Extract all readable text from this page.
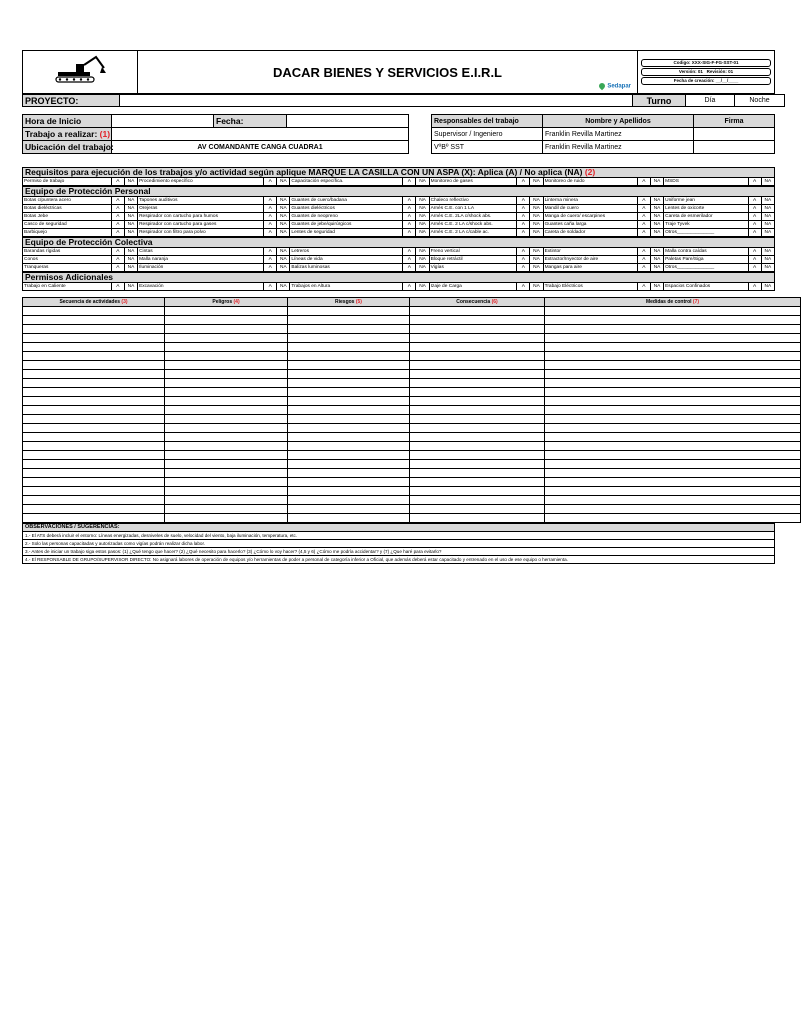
	DACAR BIENES Y SERVICIOS E.I.R.L
Sedapar

Codigo: XXX-SIG-F-FG-SST-01
Versión: 01 Revisión: 01
Fecha de creación: __/__/____
PROYECTO:		Turno	Día	Noche
Hora de Inicio		Fecha:	
Trabajo a realizar: (1)			
Ubicación del trabajo:	AV COMANDANTE CANGA CUADRA1		
Responsables del trabajo	Nombre y Apellidos	Firma
Supervisor / Ingeniero	Franklin Revilla Martinez	
VºBº SST	Franklin Revilla Martinez	
Requisitos para ejecución de los trabajos y/o actividad según aplique MARQUE LA CASILLA CON UN ASPA (X): Aplica (A) / No aplica (NA) (2)
Permiso de trabajo	A	NA	Procedimiento específico	A	NA	Capacitación específica.	A	NA	Monitoreo de gases	A	NA	Monitoreo de ruido	A	NA	MSDS	A	NA
Equipo de Protección Personal
Botas c/puntera acero	A	NA	Tapones auditivos	A	NA	Guantes de cuero/badana	A	NA	Chaleco reflectivo	A	NA	Linterna minera	A	NA	Uniforme jean	A	NA
Botas dieléctricas	A	NA	Orejeras	A	NA	Guantes dieléctricos	A	NA	Arnés C.E. con 1 LA	A	NA	Mandil de cuero	A	NA	Lentes de oxicorte	A	NA
Botas Jebe	A	NA	Respirador con cartucho para humos	A	NA	Guantes de neopreno	A	NA	Arnés C.E. 2LA c/shock abs.	A	NA	Manga de cuero/ escarpines	A	NA	Careta de esmerilador	A	NA
Casco de seguridad	A	NA	Respirador con cartucho para gases	A	NA	Guantes de jebe/quirúrgicos	A	NA	Arnés C.E. 2 LA c/shock abs.	A	NA	Guantes caña larga	A	NA	Traje Tyvek	A	NA
Barbiquejo	A	NA	Respirador con filtro para polvo	A	NA	Lentes de seguridad	A	NA	Arnés C.E. 2 LA c/cable ac.	A	NA	Careta de soldador	A	NA	Otros______________	A	NA
Equipo de Protección Colectiva
Barandas rígidas	A	NA	Cintas	A	NA	Letreros	A	NA	Freno vertical	A	NA	Extintor	A	NA	Malla contra caídas	A	NA
Conos	A	NA	Malla naranja	A	NA	Líneas de vida	A	NA	Bloque retráctil	A	NA	Extractor/Inyector de aire	A	NA	Paletas Pare/Siga	A	NA
Tranqueras	A	NA	Iluminación	A	NA	Balizas luminosas	A	NA	Vigías	A	NA	Mangas para aire	A	NA	Otros______________	A	NA
Permisos Adicionales
Trabajo en Caliente	A	NA	Excavación	A	NA	Trabajos en Altura	A	NA	Izaje de Carga	A	NA	Trabajo Eléctricos	A	NA	Espacios Confinados	A	NA
Secuencia de actividades (3)	Peligros (4)	Riesgos (5)	Consecuencia (6)	Medidas de control (7)

OBSERVACIONES / SUGERENCIAS:
1.- El ATS deberá incluir el entorno: Líneas energizadas, desniveles de suelo, velocidad del viento, baja iluminación, temperatura, etc.
2.- Solo las personas capacitadas y autorizadas como vigías podrán realizar dicha labor.
3.- Antes de iniciar un trabajo siga estos pasos: (1) ¿Qué tengo que hacer? (2) ¿Qué necesito para hacerlo? (3) ¿Cómo lo voy hacer? (4,5 y 6) ¿Cómo me podría accidentar? y (7) ¿Que haré para evitarlo?
4.- El RESPONSABLE DE GRUPO/SUPERVISOR DIRECTO: No asignará labores de operación de equipos y/o herramientas de poder a personal de categoría inferior a Oficial, que además deberá estar capacitado y entrenado en el uso de ese equipo o herramienta.
